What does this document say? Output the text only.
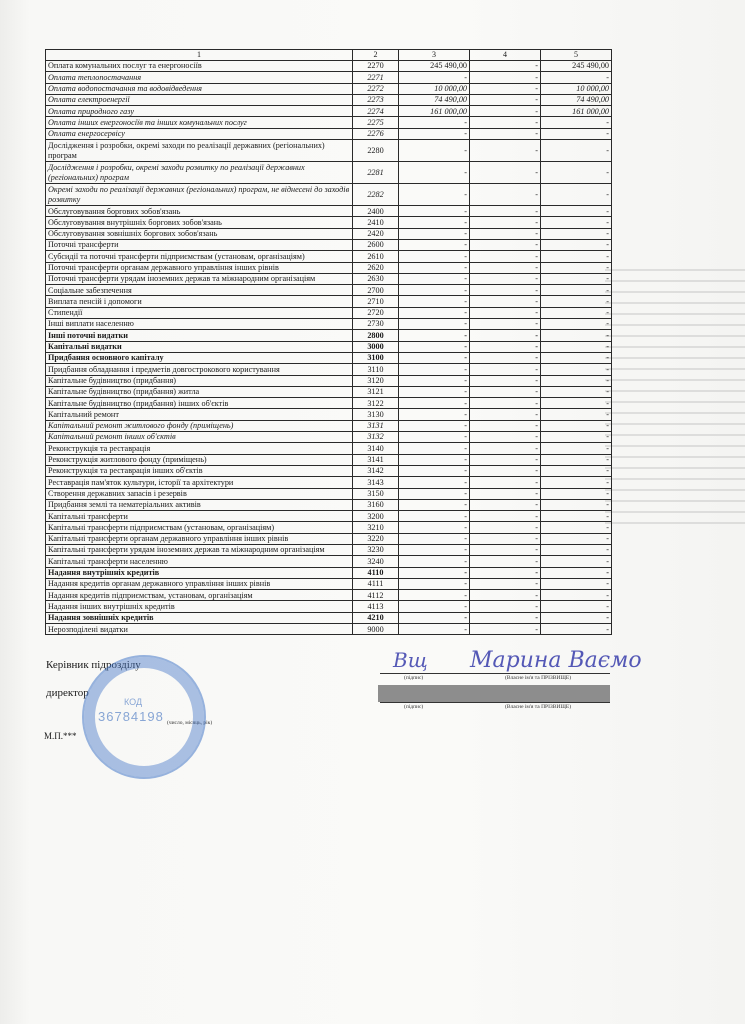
1	2	3	4	5
Оплата комунальних послуг та енергоносіїв	2270	245 490,00	-	245 490,00
Оплата теплопостачання	2271	-	-	-
Оплата водопостачання та водовідведення	2272	10 000,00	-	10 000,00
Оплата електроенергії	2273	74 490,00	-	74 490,00
Оплата природного газу	2274	161 000,00	-	161 000,00
Оплата інших енергоносіїв та інших комунальних послуг	2275	-	-	-
Оплата енергосервісу	2276	-	-	-
Дослідження і розробки, окремі заходи по реалізації державних (регіональних) програм	2280	-	-	-
Дослідження і розробки, окремі заходи розвитку по реалізації державних (регіональних) програм	2281	-	-	-
Окремі заходи по реалізації державних (регіональних) програм, не віднесені до заходів розвитку	2282	-	-	-
Обслуговування боргових зобов'язань	2400	-	-	-
Обслуговування внутрішніх боргових зобов'язань	2410	-	-	-
Обслуговування зовнішніх боргових зобов'язань	2420	-	-	-
Поточні трансферти	2600	-	-	-
Субсидії та поточні трансферти підприємствам (установам, організаціям)	2610	-	-	-
Поточні трансферти органам державного управління інших рівнів	2620	-	-	-
Поточні трансферти урядам іноземних держав та міжнародним організаціям	2630	-	-	-
Соціальне забезпечення	2700	-	-	-
Виплата пенсій і допомоги	2710	-	-	-
Стипендії	2720	-	-	-
Інші виплати населенню	2730	-	-	-
Інші поточні видатки	2800	-	-	-
Капітальні видатки	3000	-	-	-
Придбання основного капіталу	3100	-	-	-
Придбання обладнання і предметів довгострокового користування	3110	-	-	-
Капітальне будівництво (придбання)	3120	-	-	-
Капітальне будівництво (придбання) житла	3121	-	-	-
Капітальне будівництво (придбання) інших об'єктів	3122	-	-	-
Капітальний ремонт	3130	-	-	-
Капітальний ремонт житлового фонду (приміщень)	3131	-	-	-
Капітальний ремонт інших об'єктів	3132	-	-	-
Реконструкція та реставрація	3140	-	-	-
Реконструкція житлового фонду (приміщень)	3141	-	-	-
Реконструкція та реставрація інших об'єктів	3142	-	-	-
Реставрація пам'яток культури, історії та архітектури	3143	-	-	-
Створення державних запасів і резервів	3150	-	-	-
Придбання землі та нематеріальних активів	3160	-	-	-
Капітальні трансферти	3200	-	-	-
Капітальні трансферти підприємствам (установам, організаціям)	3210	-	-	-
Капітальні трансферти органам державного управління інших рівнів	3220	-	-	-
Капітальні трансферти урядам іноземних держав та міжнародним організаціям	3230	-	-	-
Капітальні трансферти населенню	3240	-	-	-
Надання внутрішніх кредитів	4110	-	-	-
Надання кредитів органам державного управління інших рівнів	4111	-	-	-
Надання кредитів підприємствам, установам, організаціям	4112	-	-	-
Надання інших внутрішніх кредитів	4113	-	-	-
Надання зовнішніх кредитів	4210	-	-	-
Нерозподілені видатки	9000	-	-	-
Керівник підрозділу
директор
М.П.***
(число, місяць, рік)
(підпис)	(Власне ім'я та ПРІЗВИЩЕ)
(підпис)	(Власне ім'я та ПРІЗВИЩЕ)
Вщ Марина Ваємо
КОД
36784198
